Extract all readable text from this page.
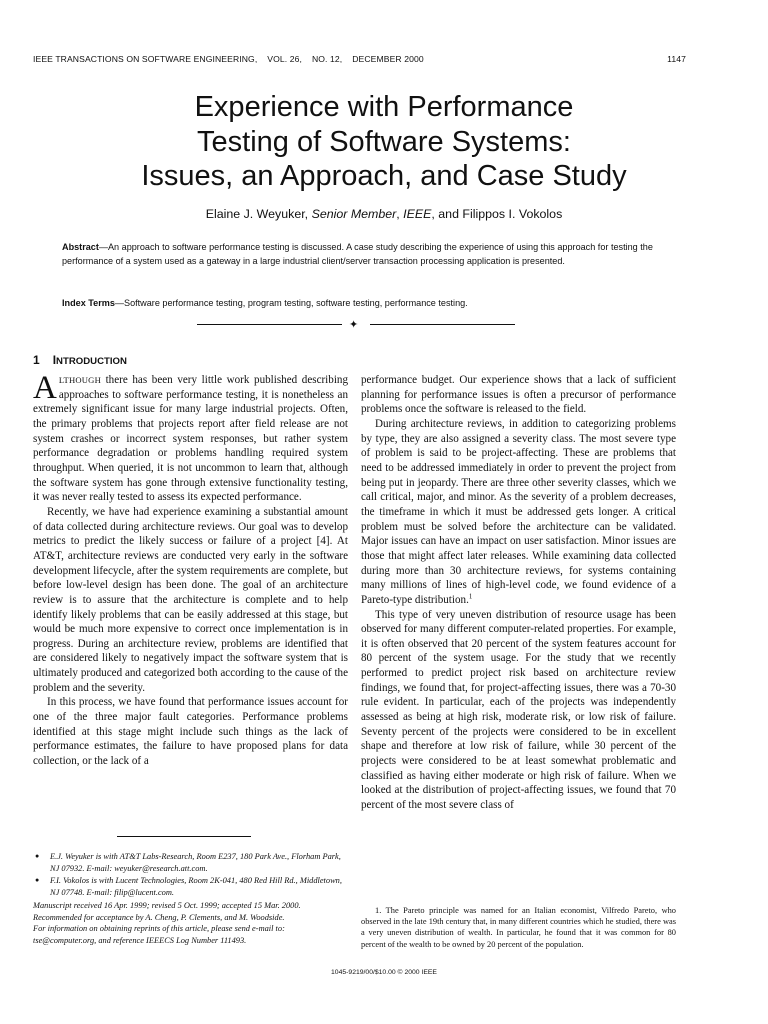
IEEE TRANSACTIONS ON SOFTWARE ENGINEERING, VOL. 26, NO. 12, DECEMBER 2000	1147
Experience with Performance
Testing of Software Systems:
Issues, an Approach, and Case Study
Elaine J. Weyuker, Senior Member, IEEE, and Filippos I. Vokolos
Abstract—An approach to software performance testing is discussed. A case study describing the experience of using this approach for testing the performance of a system used as a gateway in a large industrial client/server transaction processing application is presented.
Index Terms—Software performance testing, program testing, software testing, performance testing.
✦
1 INTRODUCTION

ALTHOUGH there has been very little work published describing approaches to software performance testing, it is nonetheless an extremely significant issue for many large industrial projects. Often, the primary problems that projects report after field release are not system crashes or incorrect system responses, but rather system performance degradation or problems handling required system throughput. When queried, it is not uncommon to learn that, although the software system has gone through extensive functionality testing, it was never really tested to assess its expected performance.

Recently, we have had experience examining a substantial amount of data collected during architecture reviews. Our goal was to develop metrics to predict the likely success or failure of a project [4]. At AT&T, architecture reviews are conducted very early in the software development lifecycle, after the system requirements are complete, but before low-level design has been done. The goal of an architecture review is to assure that the architecture is complete and to help identify likely problems that can be easily addressed at this stage, but would be much more expensive to correct once implementation is in progress. During an architecture review, problems are identified that are considered likely to negatively impact the software system that is ultimately produced and categorized both according to the cause of the problem and the severity.

In this process, we have found that performance issues account for one of the three major fault categories. Performance problems identified at this stage might include such things as the lack of performance estimates, the failure to have proposed plans for data collection, or the lack of a

performance budget. Our experience shows that a lack of sufficient planning for performance issues is often a precursor of performance problems once the software is released to the field.

During architecture reviews, in addition to categorizing problems by type, they are also assigned a severity class. The most severe type of problem is said to be project-affecting. These are problems that need to be addressed immediately in order to prevent the project from being put in jeopardy. There are three other severity classes, which we call critical, major, and minor. As the severity of a problem decreases, the timeframe in which it must be addressed gets longer. A critical problem must be solved before the architecture can be validated. Major issues can have an impact on user satisfaction. Minor issues are those that might affect later releases. While examining data collected during more than 30 architecture reviews, for systems containing many millions of lines of high-level code, we found evidence of a Pareto-type distribution.$^1$

This type of very uneven distribution of resource usage has been observed for many different computer-related properties. For example, it is often observed that 20 percent of the system features account for 80 percent of the system usage. For the study that we recently performed to predict project risk based on architecture review findings, we found that, for project-affecting issues, there was a 70-30 rule evident. In particular, each of the projects was independently assessed as being at high risk, moderate risk, or low risk of failure. Seventy percent of the projects were considered to be in excellent shape and therefore at low risk of failure, while 30 percent of the projects were considered to be at least somewhat problematic and classified as having either moderate or high risk of failure. When we looked at the distribution of project-affecting issues, we found that 70 percent of the most severe class of

● E.J. Weyuker is with AT&T Labs-Research, Room E237, 180 Park Ave., Florham Park, NJ 07932. E-mail: weyuker@research.att.com.
● F.I. Vokolos is with Lucent Technologies, Room 2K-041, 480 Red Hill Rd., Middletown, NJ 07748. E-mail: filip@lucent.com.

Manuscript received 16 Apr. 1999; revised 5 Oct. 1999; accepted 15 Mar. 2000.

Recommended for acceptance by A. Cheng, P. Clements, and M. Woodside.

For information on obtaining reprints of this article, please send e-mail to: tse@computer.org, and reference IEEECS Log Number 111493.

1. The Pareto principle was named for an Italian economist, Vilfredo Pareto, who observed in the late 19th century that, in many different countries which he studied, there was a very uneven distribution of wealth. In particular, he found that it was common for 80 percent of the wealth to be owned by 20 percent of the population.

1045-9219/00/$10.00 © 2000 IEEE
